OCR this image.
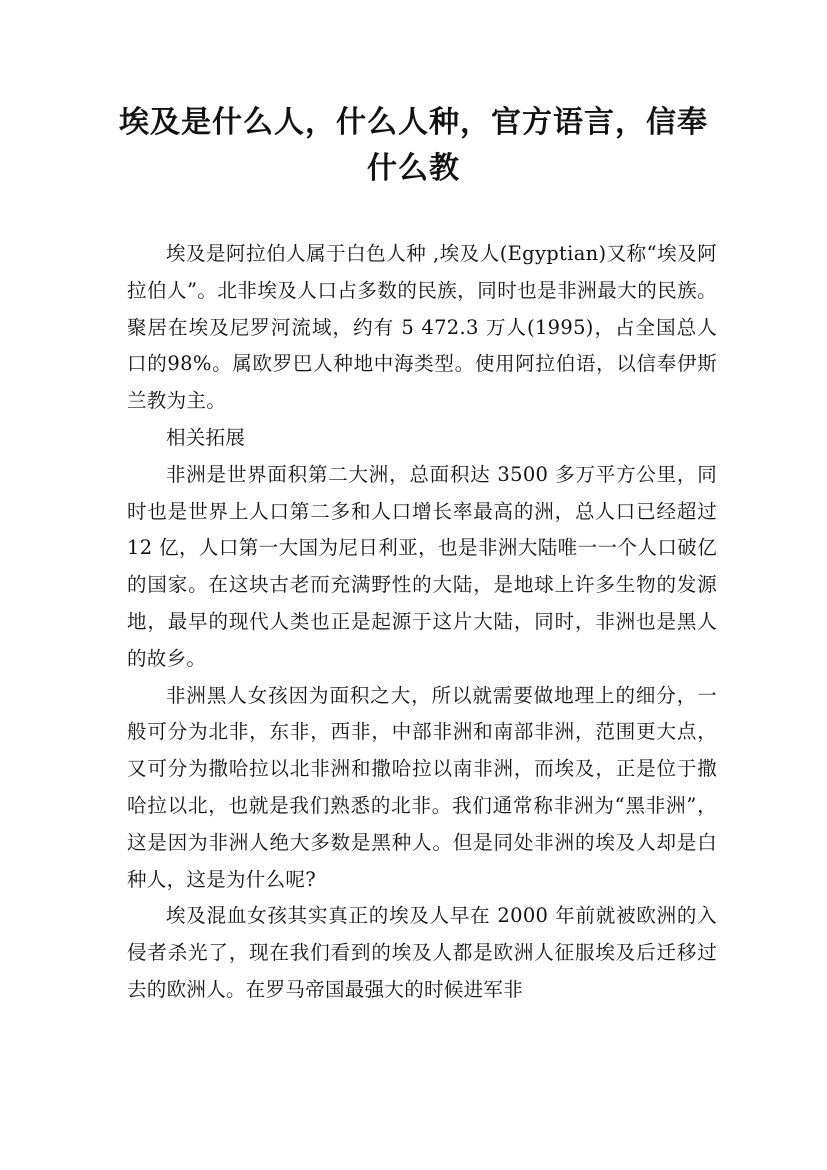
埃及是什么人，什么人种，官方语言，信奉什么教

埃及是阿拉伯人属于白色人种 ,埃及人(Egyptian)又称“埃及阿拉伯人”。北非埃及人口占多数的民族，同时也是非洲最大的民族。聚居在埃及尼罗河流域，约有 5 472.3 万人(1995)，占全国总人口的98%。属欧罗巴人种地中海类型。使用阿拉伯语，以信奉伊斯兰教为主。

相关拓展

非洲是世界面积第二大洲，总面积达 3500 多万平方公里，同时也是世界上人口第二多和人口增长率最高的洲，总人口已经超过 12 亿，人口第一大国为尼日利亚，也是非洲大陆唯一一个人口破亿的国家。在这块古老而充满野性的大陆，是地球上许多生物的发源地，最早的现代人类也正是起源于这片大陆，同时，非洲也是黑人的故乡。

非洲黑人女孩因为面积之大，所以就需要做地理上的细分，一般可分为北非，东非，西非，中部非洲和南部非洲，范围更大点，又可分为撒哈拉以北非洲和撒哈拉以南非洲，而埃及，正是位于撒哈拉以北，也就是我们熟悉的北非。我们通常称非洲为“黑非洲”，这是因为非洲人绝大多数是黑种人。但是同处非洲的埃及人却是白种人，这是为什么呢?

埃及混血女孩其实真正的埃及人早在 2000 年前就被欧洲的入侵者杀光了，现在我们看到的埃及人都是欧洲人征服埃及后迁移过去的欧洲人。在罗马帝国最强大的时候进军非
